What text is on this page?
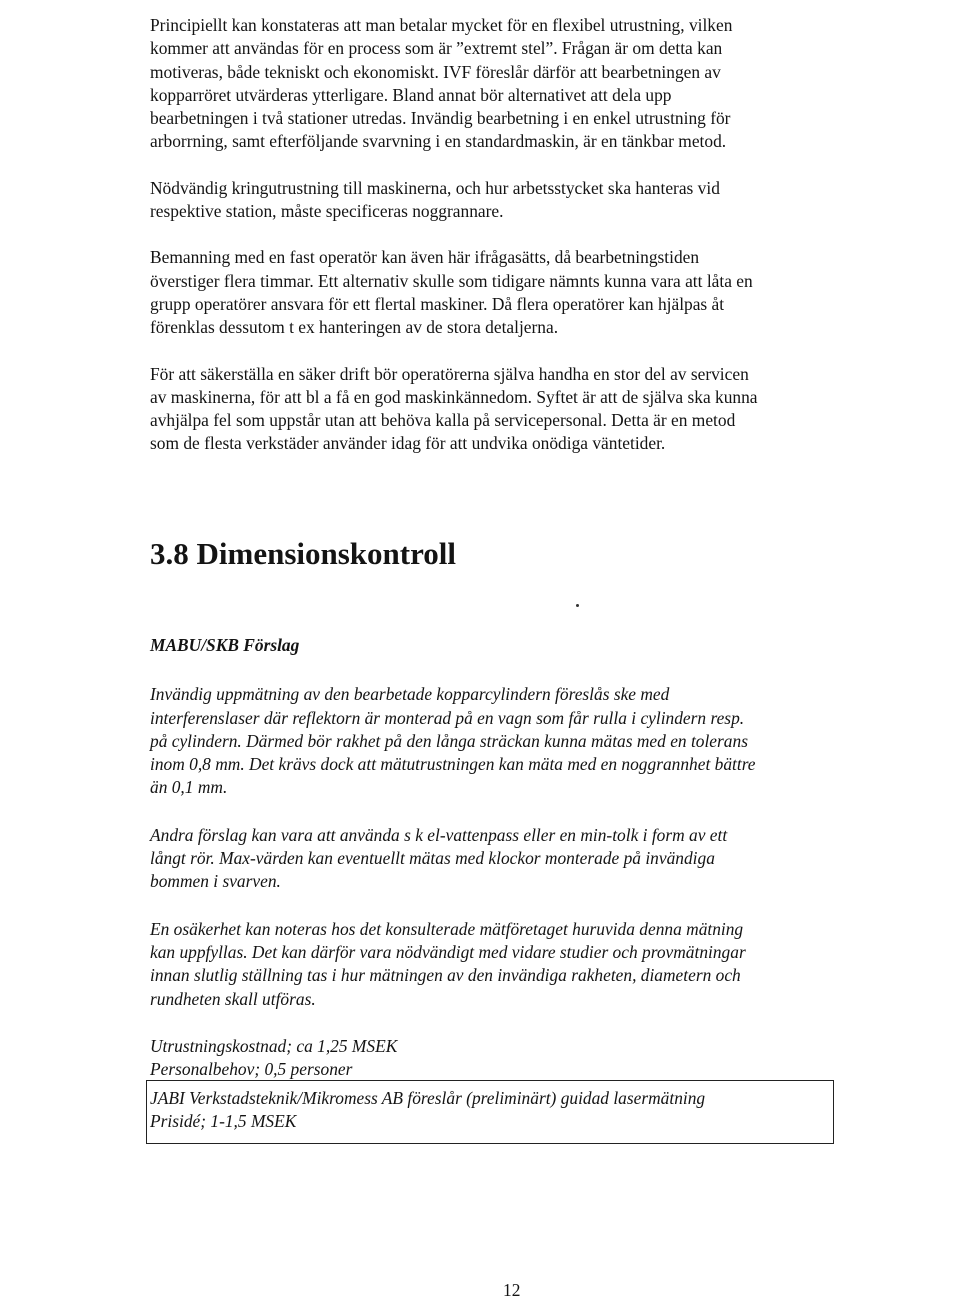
Principiellt kan konstateras att man betalar mycket för en flexibel utrustning, vilken
kommer att användas för en process som är ”extremt stel”. Frågan är om detta kan
motiveras, både tekniskt och ekonomiskt. IVF föreslår därför att bearbetningen av
kopparröret utvärderas ytterligare. Bland annat bör alternativet att dela upp
bearbetningen i två stationer utredas. Invändig bearbetning i en enkel utrustning för
arborrning, samt efterföljande svarvning i en standardmaskin, är en tänkbar metod.

Nödvändig kringutrustning till maskinerna, och hur arbetsstycket ska hanteras vid
respektive station, måste specificeras noggrannare.

Bemanning med en fast operatör kan även här ifrågasätts, då bearbetningstiden
överstiger flera timmar. Ett alternativ skulle som tidigare nämnts kunna vara att låta en
grupp operatörer ansvara för ett flertal maskiner. Då flera operatörer kan hjälpas åt
förenklas dessutom t ex hanteringen av de stora detaljerna.

För att säkerställa en säker drift bör operatörerna själva handha en stor del av servicen
av maskinerna, för att bl a få en god maskinkännedom. Syftet är att de själva ska kunna
avhjälpa fel som uppstår utan att behöva kalla på servicepersonal. Detta är en metod
som de flesta verkstäder använder idag för att undvika onödiga väntetider.

3.8 Dimensionskontroll

MABU/SKB Förslag

Invändig uppmätning av den bearbetade kopparcylindern föreslås ske med
interferenslaser där reflektorn är monterad på en vagn som får rulla i cylindern resp.
på cylindern. Därmed bör rakhet på den långa sträckan kunna mätas med en tolerans
inom 0,8 mm. Det krävs dock att mätutrustningen kan mäta med en noggrannhet bättre
än 0,1 mm.

Andra förslag kan vara att använda s k el-vattenpass eller en min-tolk i form av ett
långt rör. Max-värden kan eventuellt mätas med klockor monterade på invändiga
bommen i svarven.

En osäkerhet kan noteras hos det konsulterade mätföretaget huruvida denna mätning
kan uppfyllas. Det kan därför vara nödvändigt med vidare studier och provmätningar
innan slutlig ställning tas i hur mätningen av den invändiga rakheten, diametern och
rundheten skall utföras.

Utrustningskostnad; ca 1,25 MSEK
Personalbehov; 0,5 personer

JABI Verkstadsteknik/Mikromess AB föreslår (preliminärt) guidad lasermätning
Prisidé; 1-1,5 MSEK

12
